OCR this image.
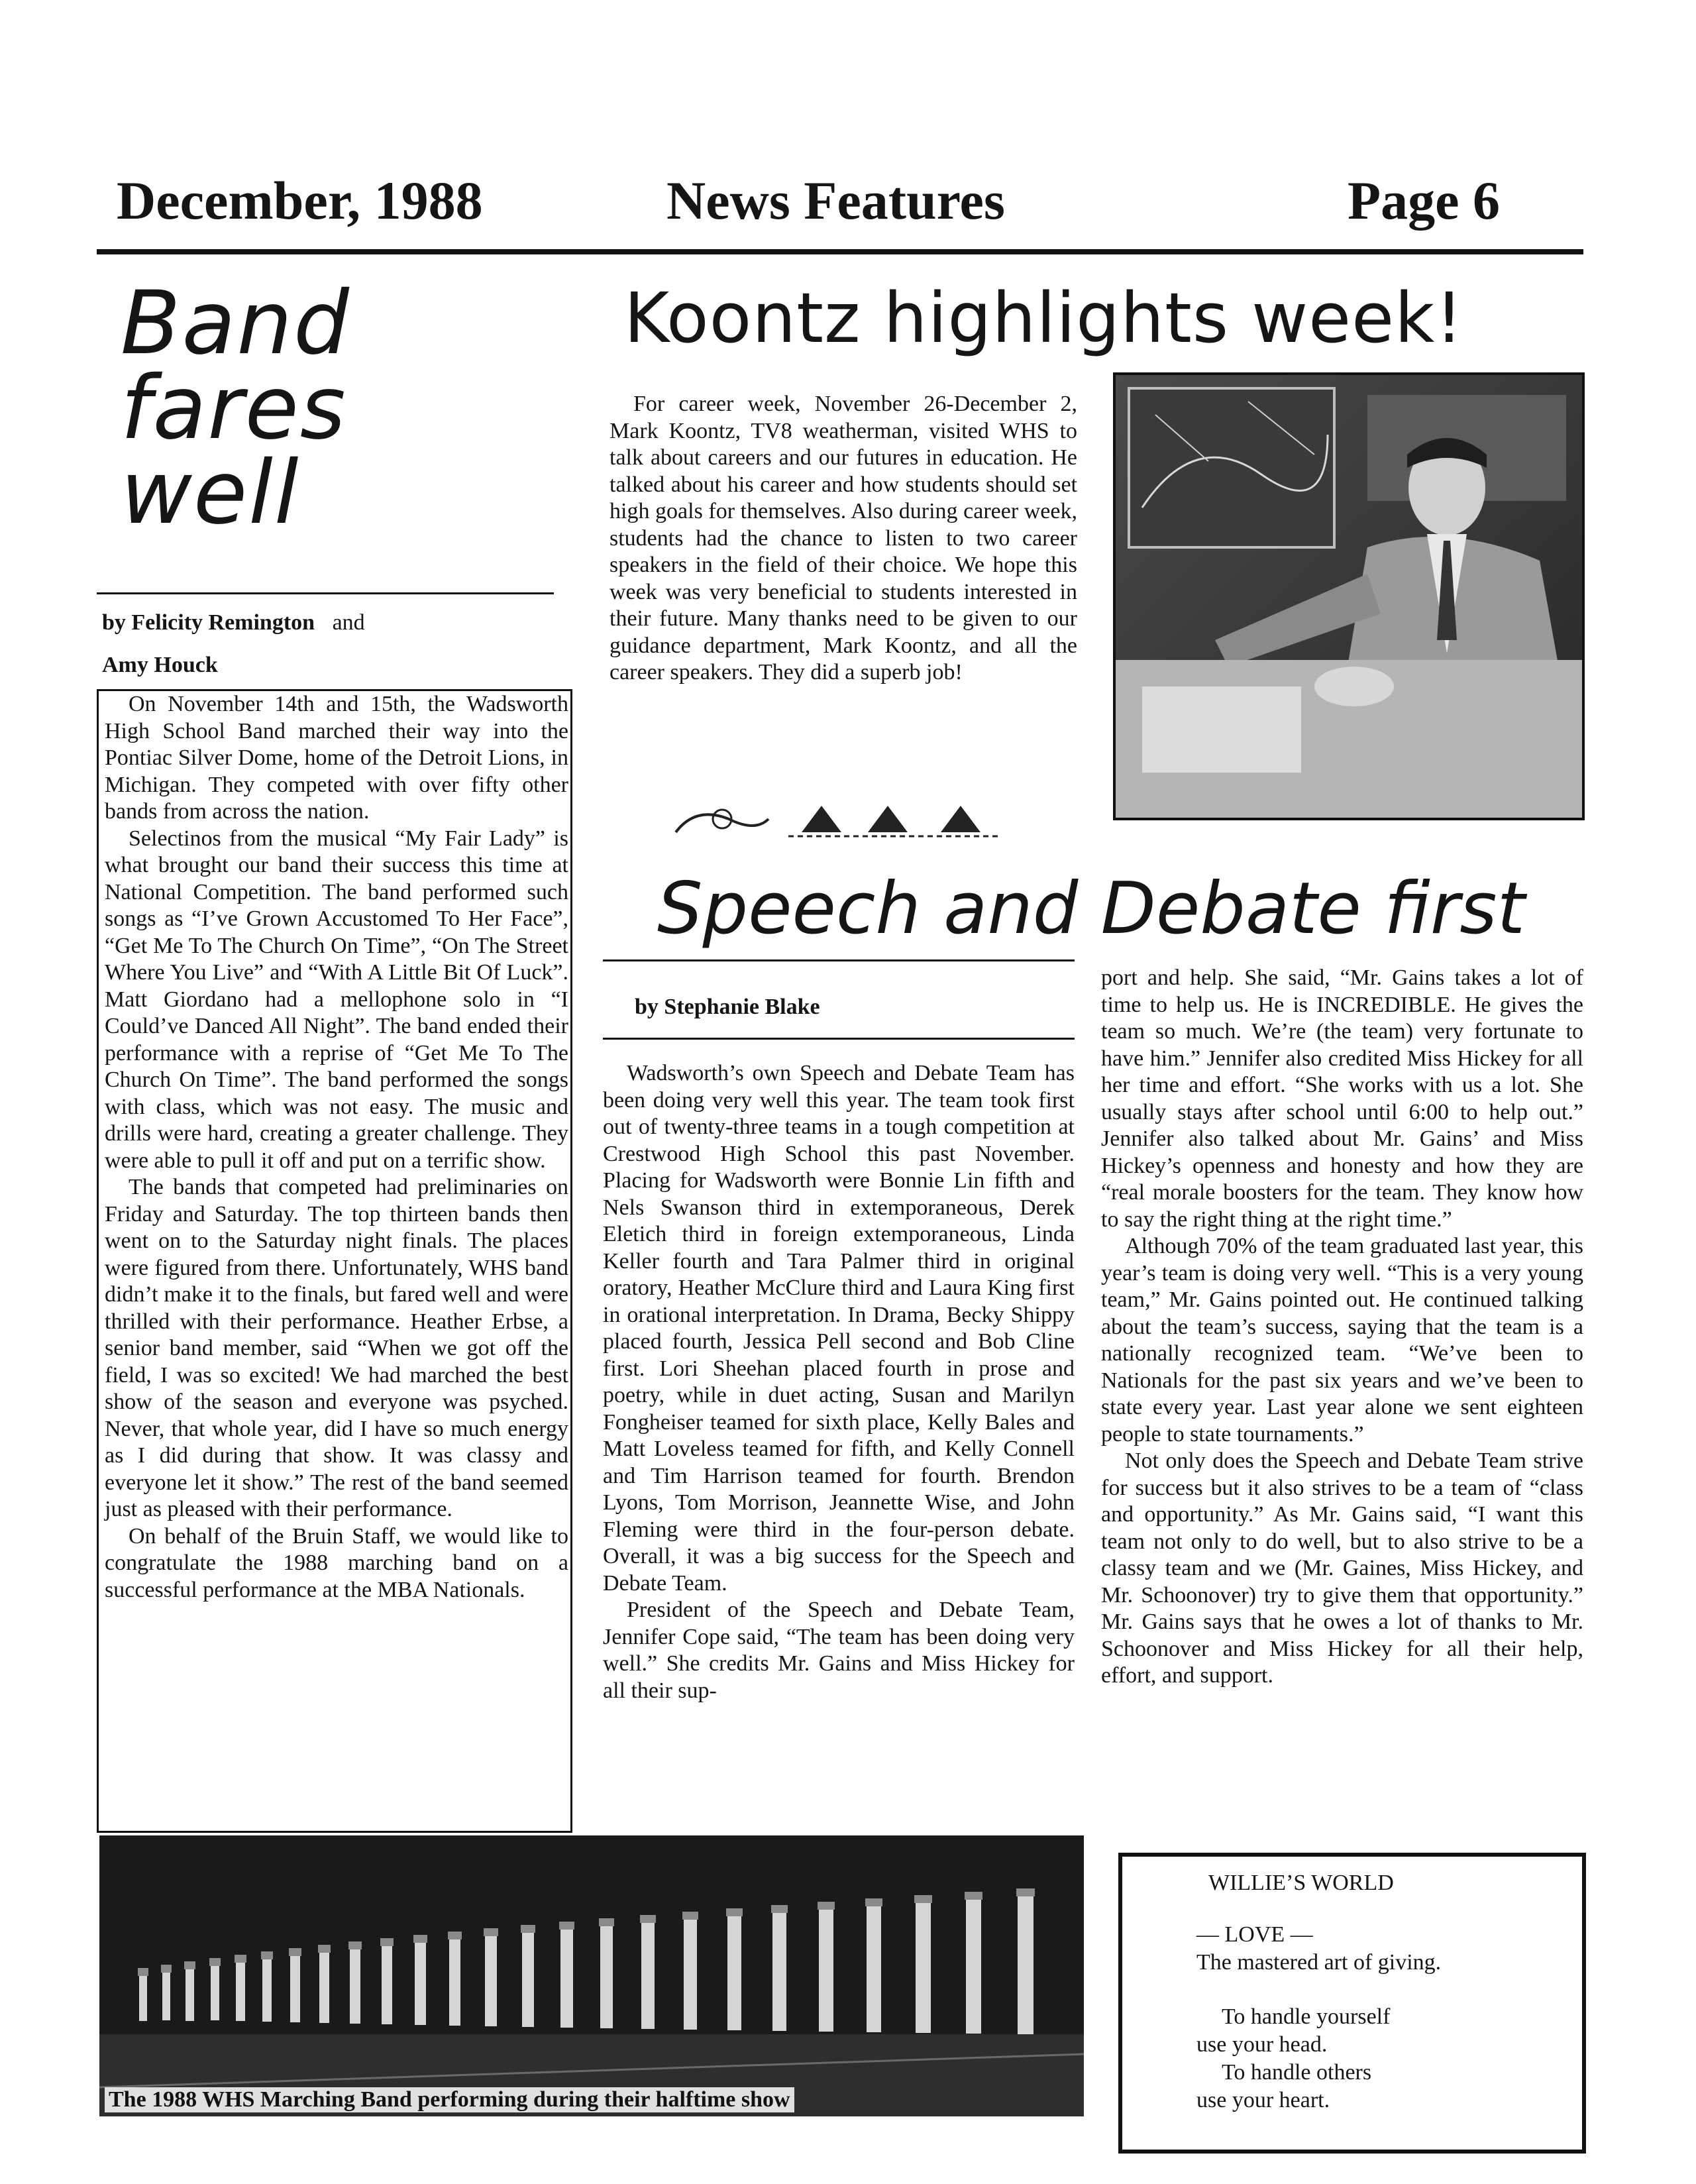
December, 1988	News Features	Page 6
Band
fares
well
by Felicity Remington and
Amy Houck

On November 14th and 15th, the Wadsworth High School Band marched their way into the Pontiac Silver Dome, home of the Detroit Lions, in Michigan. They competed with over fifty other bands from across the nation.

Selectinos from the musical “My Fair Lady” is what brought our band their success this time at National Competition. The band performed such songs as “I’ve Grown Accustomed To Her Face”, “Get Me To The Church On Time”, “On The Street Where You Live” and “With A Little Bit Of Luck”. Matt Giordano had a mellophone solo in “I Could’ve Danced All Night”. The band ended their performance with a reprise of “Get Me To The Church On Time”. The band performed the songs with class, which was not easy. The music and drills were hard, creating a greater challenge. They were able to pull it off and put on a terrific show.

The bands that competed had preliminaries on Friday and Saturday. The top thirteen bands then went on to the Saturday night finals. The places were figured from there. Unfortunately, WHS band didn’t make it to the finals, but fared well and were thrilled with their performance. Heather Erbse, a senior band member, said “When we got off the field, I was so excited! We had marched the best show of the season and everyone was psyched. Never, that whole year, did I have so much energy as I did during that show. It was classy and everyone let it show.” The rest of the band seemed just as pleased with their performance.

On behalf of the Bruin Staff, we would like to congratulate the 1988 marching band on a successful performance at the MBA Nationals.

Koontz highlights week!

For career week, November 26-December 2, Mark Koontz, TV8 weatherman, visited WHS to talk about careers and our futures in education. He talked about his career and how students should set high goals for themselves. Also during career week, students had the chance to listen to two career speakers in the field of their choice. We hope this week was very beneficial to students interested in their future. Many thanks need to be given to our guidance department, Mark Koontz, and all the career speakers. They did a superb job!

Speech and Debate first
by Stephanie Blake

Wadsworth’s own Speech and Debate Team has been doing very well this year. The team took first out of twenty-three teams in a tough competition at Crestwood High School this past November. Placing for Wadsworth were Bonnie Lin fifth and Nels Swanson third in extemporaneous, Derek Eletich third in foreign extemporaneous, Linda Keller fourth and Tara Palmer third in original oratory, Heather McClure third and Laura King first in orational interpretation. In Drama, Becky Shippy placed fourth, Jessica Pell second and Bob Cline first. Lori Sheehan placed fourth in prose and poetry, while in duet acting, Susan and Marilyn Fongheiser teamed for sixth place, Kelly Bales and Matt Loveless teamed for fifth, and Kelly Connell and Tim Harrison teamed for fourth. Brendon Lyons, Tom Morrison, Jeannette Wise, and John Fleming were third in the four-person debate. Overall, it was a big success for the Speech and Debate Team.

President of the Speech and Debate Team, Jennifer Cope said, “The team has been doing very well.” She credits Mr. Gains and Miss Hickey for all their sup-

port and help. She said, “Mr. Gains takes a lot of time to help us. He is INCREDIBLE. He gives the team so much. We’re (the team) very fortunate to have him.” Jennifer also credited Miss Hickey for all her time and effort. “She works with us a lot. She usually stays after school until 6:00 to help out.” Jennifer also talked about Mr. Gains’ and Miss Hickey’s openness and honesty and how they are “real morale boosters for the team. They know how to say the right thing at the right time.”

Although 70% of the team graduated last year, this year’s team is doing very well. “This is a very young team,” Mr. Gains pointed out. He continued talking about the team’s success, saying that the team is a nationally recognized team. “We’ve been to Nationals for the past six years and we’ve been to state every year. Last year alone we sent eighteen people to state tournaments.”

Not only does the Speech and Debate Team strive for success but it also strives to be a team of “class and opportunity.” As Mr. Gains said, “I want this team not only to do well, but to also strive to be a classy team and we (Mr. Gaines, Miss Hickey, and Mr. Schoonover) try to give them that opportunity.” Mr. Gains says that he owes a lot of thanks to Mr. Schoonover and Miss Hickey for all their help, effort, and support.

The 1988 WHS Marching Band performing during their halftime show
WILLIE’S WORLD
— LOVE —
The mastered art of giving.
To handle yourself
use your head.
To handle others
use your heart.
